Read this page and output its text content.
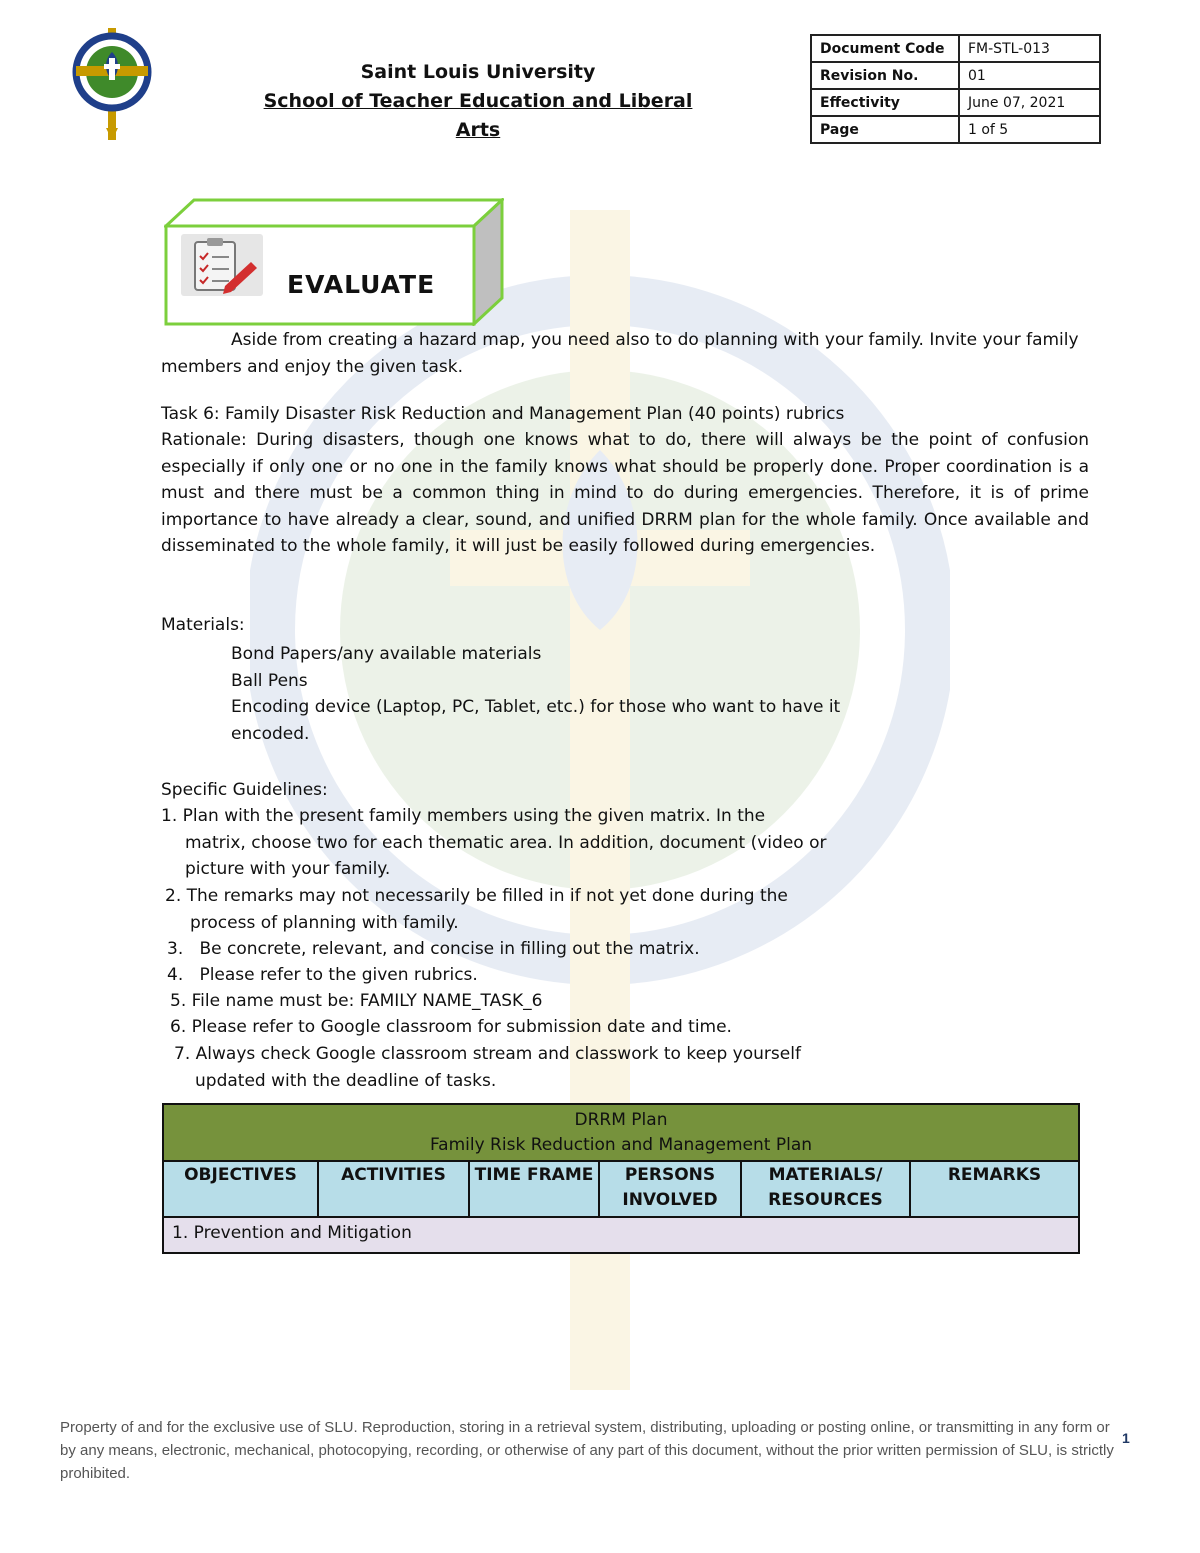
Saint Louis University
School of Teacher Education and Liberal Arts
Document Code	FM-STL-013
Revision No.	01
Effectivity	June 07, 2021
Page	1 of 5
EVALUATE

Aside from creating a hazard map, you need also to do planning with your family. Invite your family members and enjoy the given task.

Task 6: Family Disaster Risk Reduction and Management Plan (40 points) rubrics

Rationale: During disasters, though one knows what to do, there will always be the point of confusion especially if only one or no one in the family knows what should be properly done. Proper coordination is a must and there must be a common thing in mind to do during emergencies. Therefore, it is of prime importance to have already a clear, sound, and unified DRRM plan for the whole family. Once available and disseminated to the whole family, it will just be easily followed during emergencies.

Materials:

Bond Papers/any available materials
Ball Pens
Encoding device (Laptop, PC, Tablet, etc.) for those who want to have it encoded.

Specific Guidelines:

1. Plan with the present family members using the given matrix. In the
matrix, choose two for each thematic area. In addition, document (video or picture with your family.
2. The remarks may not necessarily be filled in if not yet done during the
process of planning with family.
3. Be concrete, relevant, and concise in filling out the matrix.
4. Please refer to the given rubrics.
5. File name must be: FAMILY NAME_TASK_6
6. Please refer to Google classroom for submission date and time.
7. Always check Google classroom stream and classwork to keep yourself
updated with the deadline of tasks.
DRRM Plan
Family Risk Reduction and Management Plan

OBJECTIVES	ACTIVITIES	TIME FRAME	PERSONS INVOLVED	MATERIALS/ RESOURCES	REMARKS
1. Prevention and Mitigation

Property of and for the exclusive use of SLU. Reproduction, storing in a retrieval system, distributing, uploading or posting online, or transmitting in any form or by any means, electronic, mechanical, photocopying, recording, or otherwise of any part of this document, without the prior written permission of SLU, is strictly prohibited.

1
